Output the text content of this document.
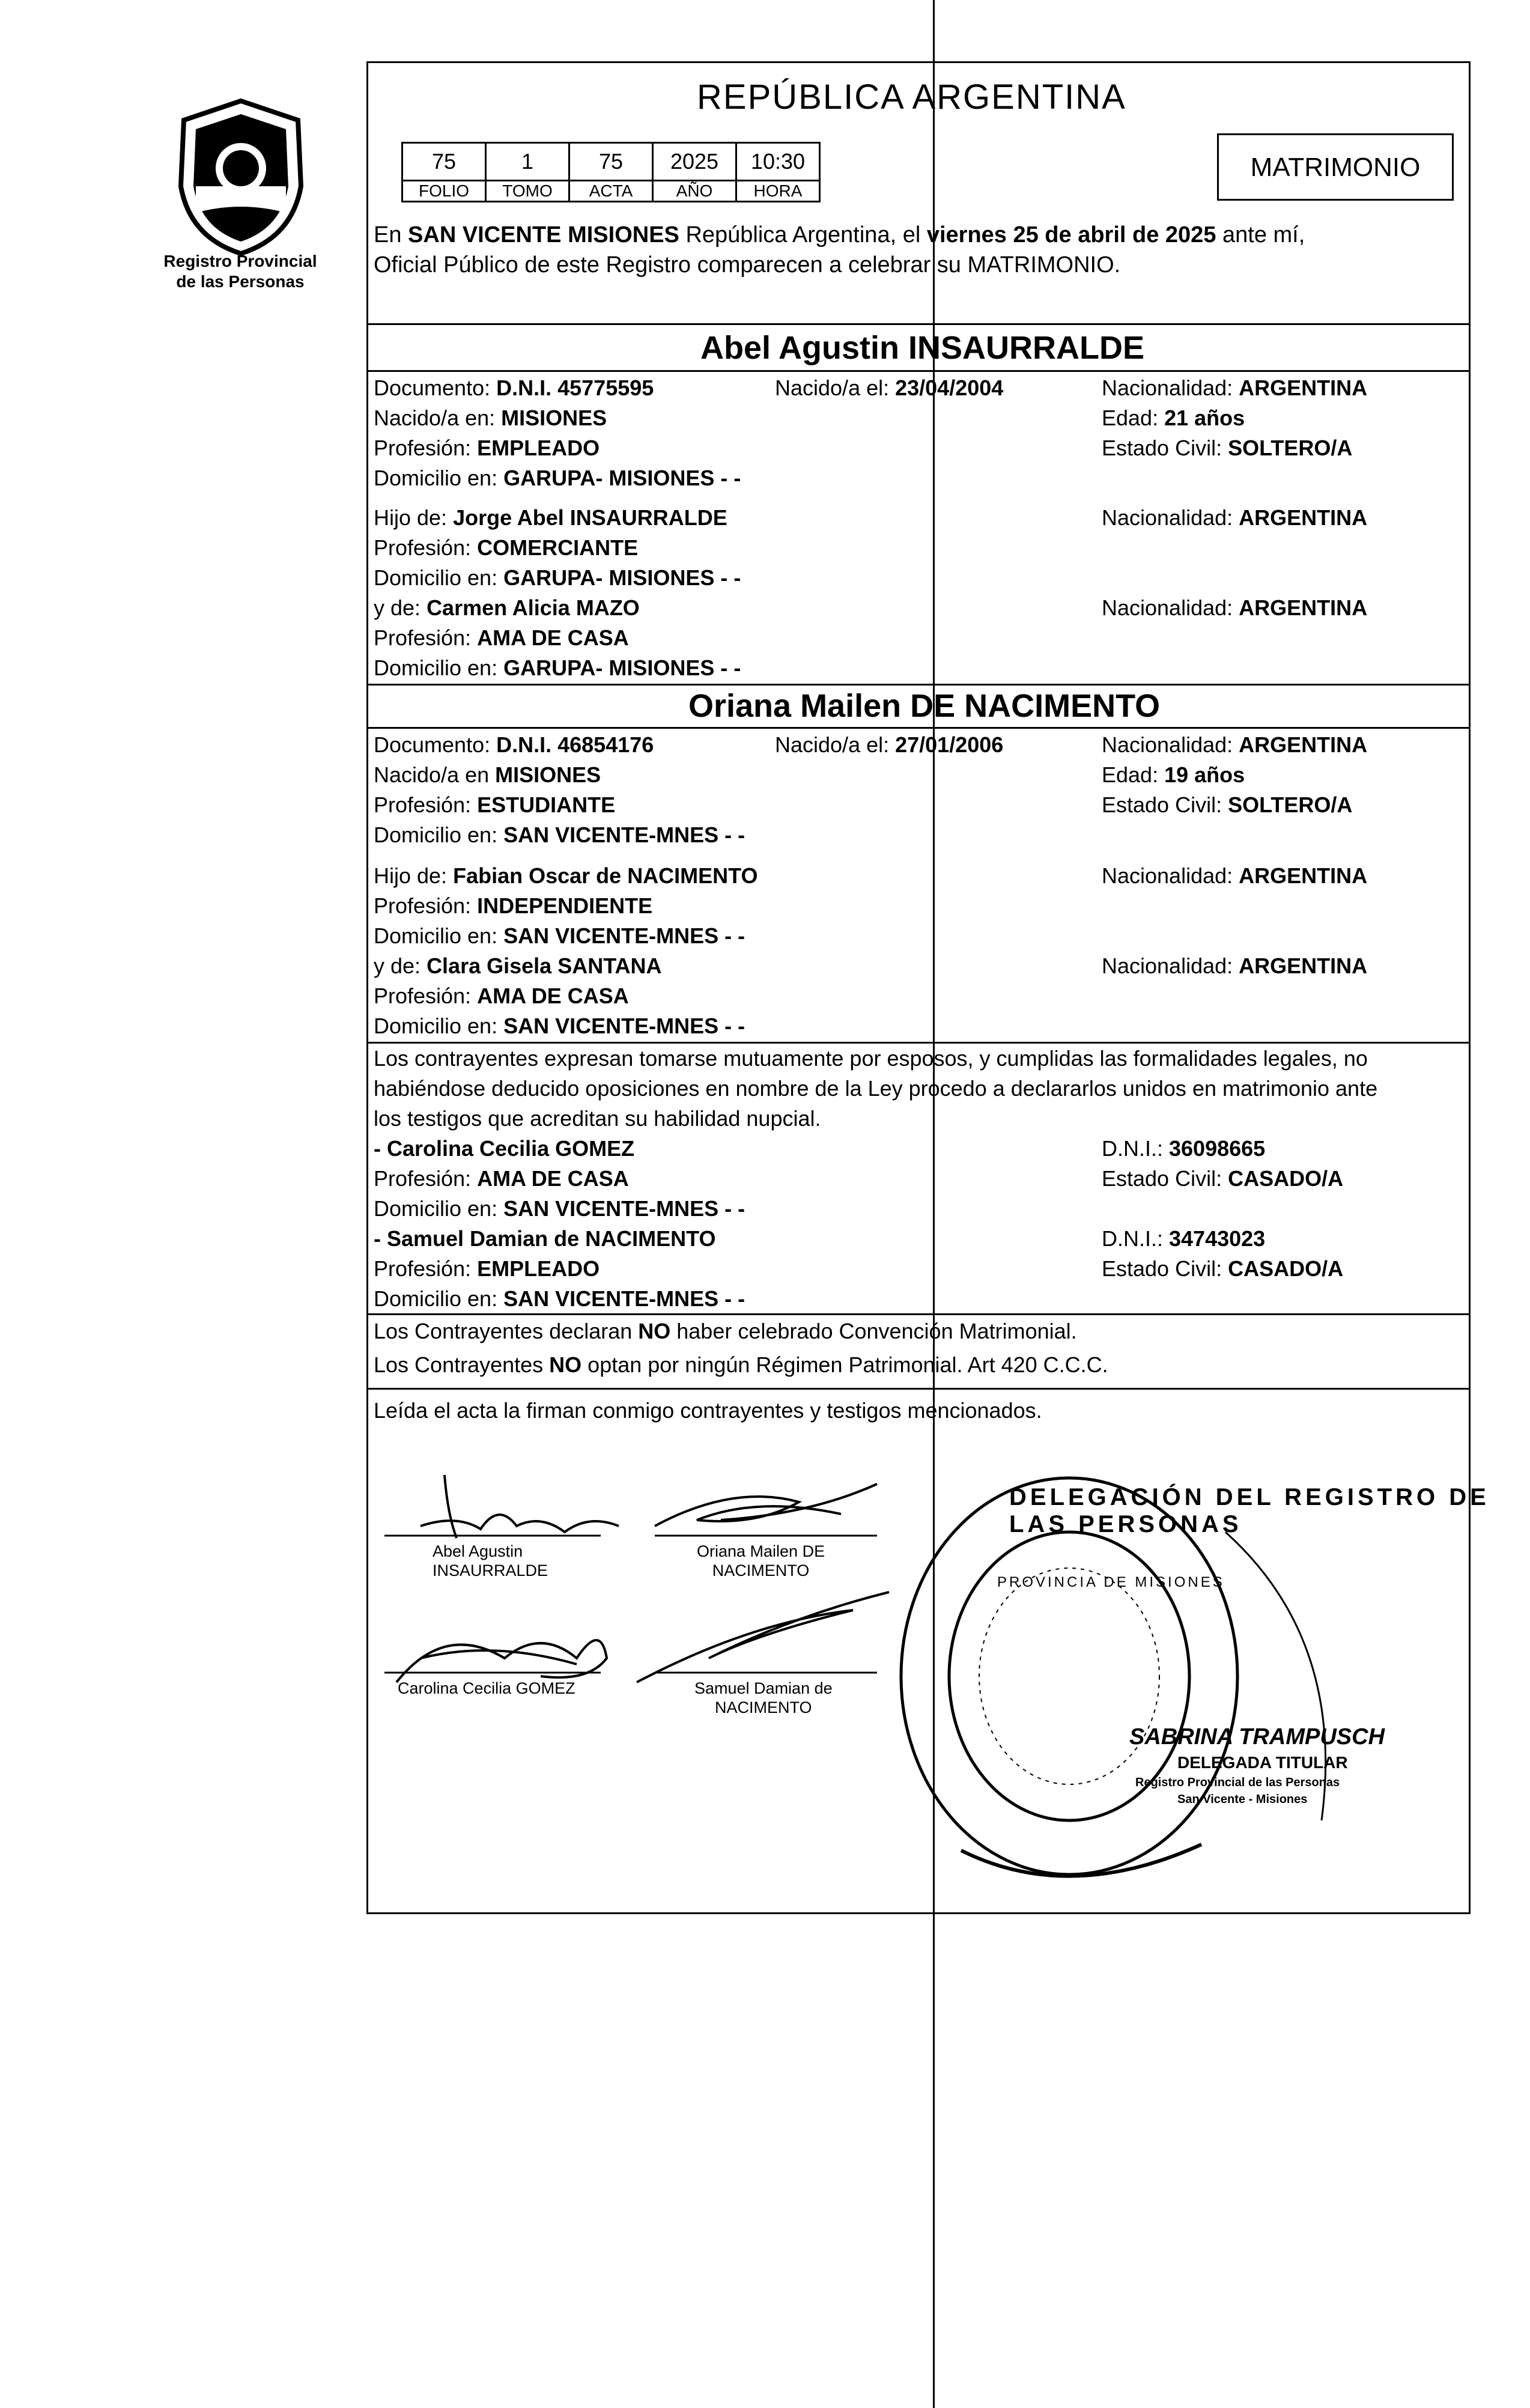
Registro Provincial
de las Personas
REPÚBLICA ARGENTINA
75	1	75	2025	10:30
FOLIO	TOMO	ACTA	AÑO	HORA
MATRIMONIO
En SAN VICENTE MISIONES República Argentina, el viernes 25 de abril de 2025 ante mí,
Oficial Público de este Registro comparecen a celebrar su MATRIMONIO.
Abel Agustin INSAURRALDE
Documento: D.N.I. 45775595	Nacido/a el: 23/04/2004	Nacionalidad: ARGENTINA
Nacido/a en: MISIONES	Edad: 21 años
Profesión: EMPLEADO	Estado Civil: SOLTERO/A
Domicilio en: GARUPA- MISIONES - -
Hijo de: Jorge Abel INSAURRALDE	Nacionalidad: ARGENTINA
Profesión: COMERCIANTE
Domicilio en: GARUPA- MISIONES - -
y de: Carmen Alicia MAZO	Nacionalidad: ARGENTINA
Profesión: AMA DE CASA
Domicilio en: GARUPA- MISIONES - -
Oriana Mailen DE NACIMENTO
Documento: D.N.I. 46854176	Nacido/a el: 27/01/2006	Nacionalidad: ARGENTINA
Nacido/a en MISIONES	Edad: 19 años
Profesión: ESTUDIANTE	Estado Civil: SOLTERO/A
Domicilio en: SAN VICENTE-MNES - -
Hijo de: Fabian Oscar de NACIMENTO	Nacionalidad: ARGENTINA
Profesión: INDEPENDIENTE
Domicilio en: SAN VICENTE-MNES - -
y de: Clara Gisela SANTANA	Nacionalidad: ARGENTINA
Profesión: AMA DE CASA
Domicilio en: SAN VICENTE-MNES - -
Los contrayentes expresan tomarse mutuamente por esposos, y cumplidas las formalidades legales, no
habiéndose deducido oposiciones en nombre de la Ley procedo a declararlos unidos en matrimonio ante
los testigos que acreditan su habilidad nupcial.
- Carolina Cecilia GOMEZ	D.N.I.: 36098665
Profesión: AMA DE CASA	Estado Civil: CASADO/A
Domicilio en: SAN VICENTE-MNES - -
- Samuel Damian de NACIMENTO	D.N.I.: 34743023
Profesión: EMPLEADO	Estado Civil: CASADO/A
Domicilio en: SAN VICENTE-MNES - -
Los Contrayentes declaran NO haber celebrado Convención Matrimonial.
Los Contrayentes NO optan por ningún Régimen Patrimonial. Art 420 C.C.C.
Leída el acta la firman conmigo contrayentes y testigos mencionados.
Abel Agustin
INSAURRALDE
Oriana Mailen DE
NACIMENTO
Carolina Cecilia GOMEZ	Samuel Damian de
NACIMENTO
DELEGACIÓN DEL REGISTRO DE LAS PERSONAS
PROVINCIA DE MISIONES
SABRINA TRAMPUSCH
DELEGADA TITULAR
Registro Provincial de las Personas
San Vicente - Misiones
